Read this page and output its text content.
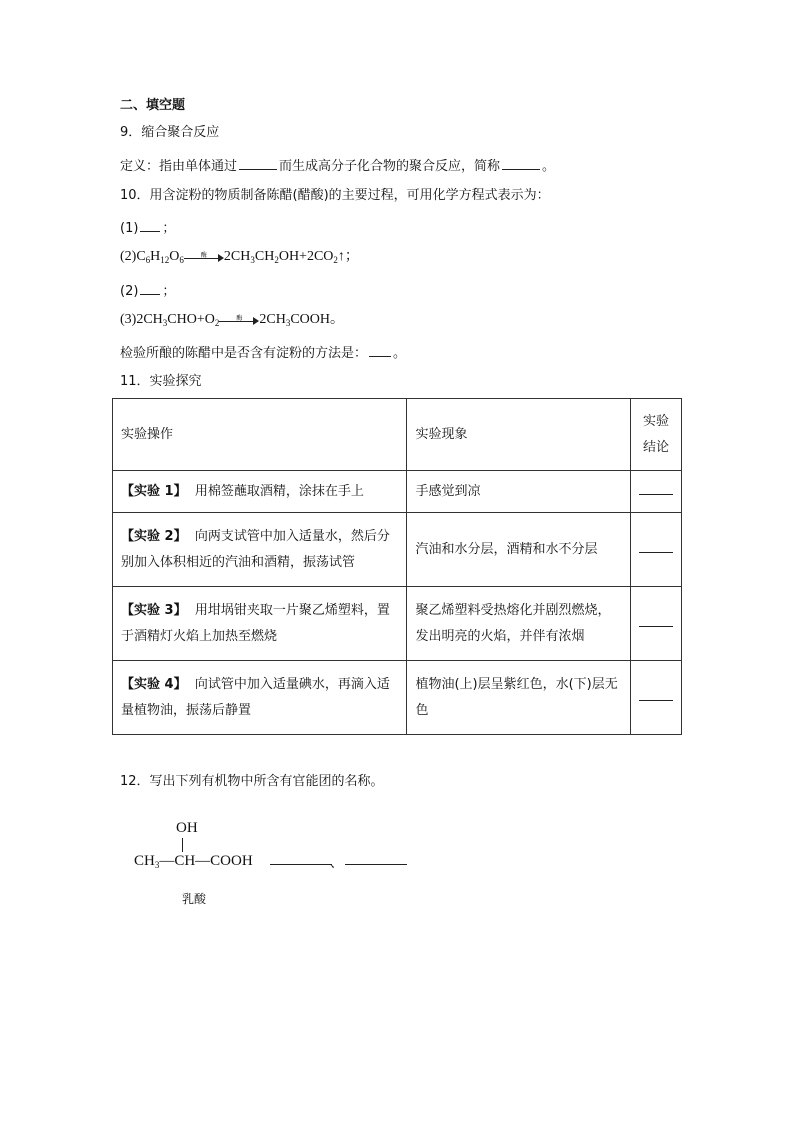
二、填空题
9．缩合聚合反应
定义：指由单体通过	而生成高分子化合物的聚合反应，简称	。
10．用含淀粉的物质制备陈醋(醋酸)的主要过程，可用化学方程式表示为：
(1) ；
$(2)C_6H_{12}O_6$	酶	$2CH_3CH_2OH+2CO_2↑$；
(2) ；
$(3)2CH_3CHO+O_2$	酶	$2CH_3COOH$。
检验所酿的陈醋中是否含有淀粉的方法是： 。
11．实验探究
实验操作	实验现象	实验
结论
【实验 1】 用棉签蘸取酒精，涂抹在手上	手感觉到凉	
【实验 2】 向两支试管中加入适量水，然后分别加入体积相近的汽油和酒精，振荡试管	汽油和水分层，酒精和水不分层	
【实验 3】 用坩埚钳夹取一片聚乙烯塑料，置于酒精灯火焰上加热至燃烧	聚乙烯塑料受热熔化并剧烈燃烧，发出明亮的火焰，并伴有浓烟	
【实验 4】 向试管中加入适量碘水，再滴入适量植物油，振荡后静置	植物油(上)层呈紫红色，水(下)层无色	
12．写出下列有机物中所含有官能团的名称。
OH
$CH_3—CH—COOH$	、
乳酸
